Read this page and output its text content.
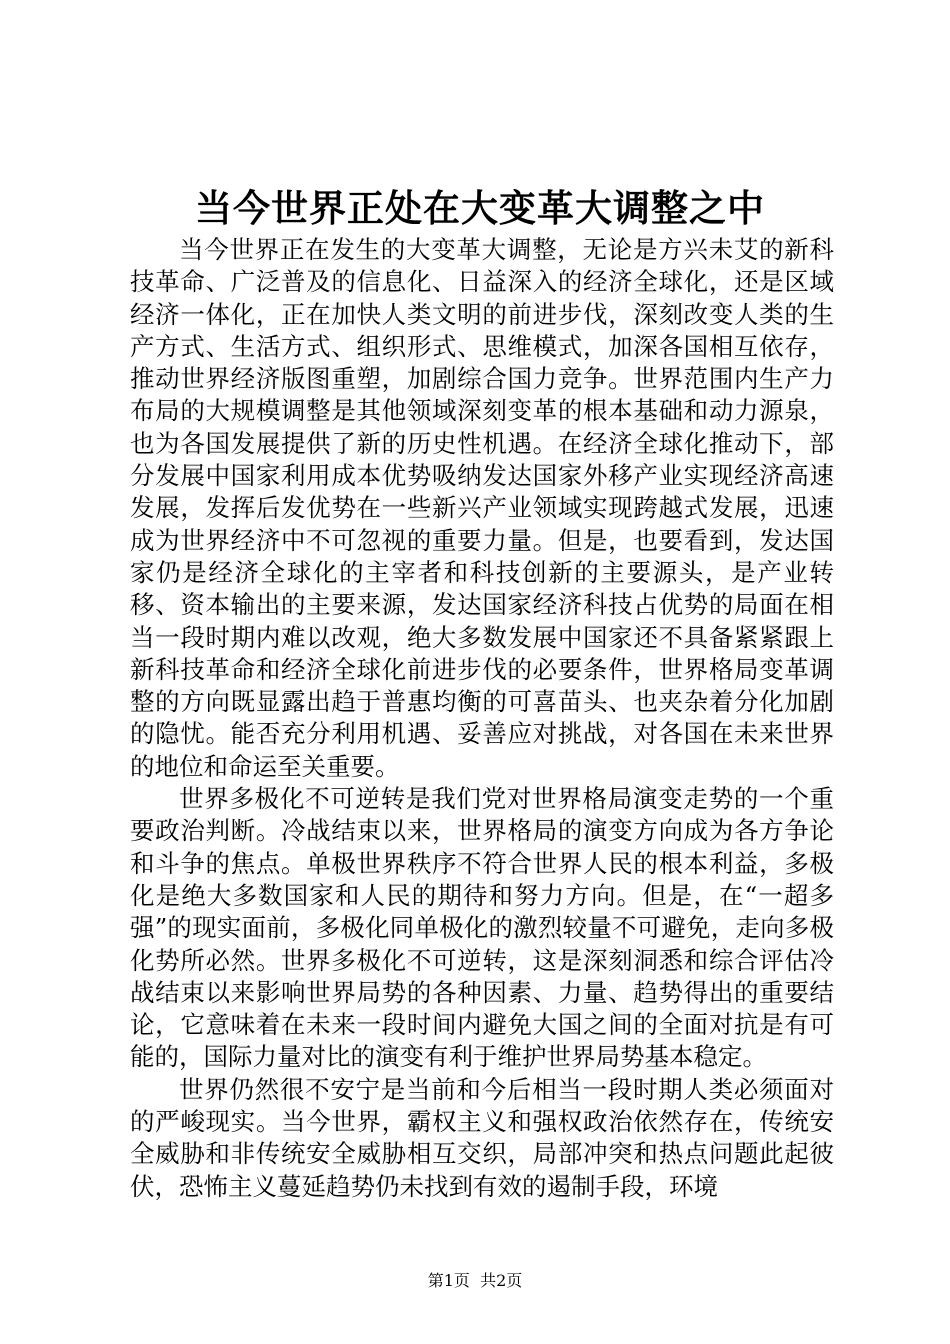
当今世界正处在大变革大调整之中

当今世界正在发生的大变革大调整，无论是方兴未艾的新科技革命、广泛普及的信息化、日益深入的经济全球化，还是区域经济一体化，正在加快人类文明的前进步伐，深刻改变人类的生产方式、生活方式、组织形式、思维模式，加深各国相互依存，推动世界经济版图重塑，加剧综合国力竞争。世界范围内生产力布局的大规模调整是其他领域深刻变革的根本基础和动力源泉，也为各国发展提供了新的历史性机遇。在经济全球化推动下，部分发展中国家利用成本优势吸纳发达国家外移产业实现经济高速发展，发挥后发优势在一些新兴产业领域实现跨越式发展，迅速成为世界经济中不可忽视的重要力量。但是，也要看到，发达国家仍是经济全球化的主宰者和科技创新的主要源头，是产业转移、资本输出的主要来源，发达国家经济科技占优势的局面在相当一段时期内难以改观，绝大多数发展中国家还不具备紧紧跟上新科技革命和经济全球化前进步伐的必要条件，世界格局变革调整的方向既显露出趋于普惠均衡的可喜苗头、也夹杂着分化加剧的隐忧。能否充分利用机遇、妥善应对挑战，对各国在未来世界的地位和命运至关重要。

世界多极化不可逆转是我们党对世界格局演变走势的一个重要政治判断。冷战结束以来，世界格局的演变方向成为各方争论和斗争的焦点。单极世界秩序不符合世界人民的根本利益，多极化是绝大多数国家和人民的期待和努力方向。但是，在“一超多强”的现实面前，多极化同单极化的激烈较量不可避免，走向多极化势所必然。世界多极化不可逆转，这是深刻洞悉和综合评估冷战结束以来影响世界局势的各种因素、力量、趋势得出的重要结论，它意味着在未来一段时间内避免大国之间的全面对抗是有可能的，国际力量对比的演变有利于维护世界局势基本稳定。

世界仍然很不安宁是当前和今后相当一段时期人类必须面对的严峻现实。当今世界，霸权主义和强权政治依然存在，传统安全威胁和非传统安全威胁相互交织，局部冲突和热点问题此起彼伏，恐怖主义蔓延趋势仍未找到有效的遏制手段，环境

第1页  共2页
